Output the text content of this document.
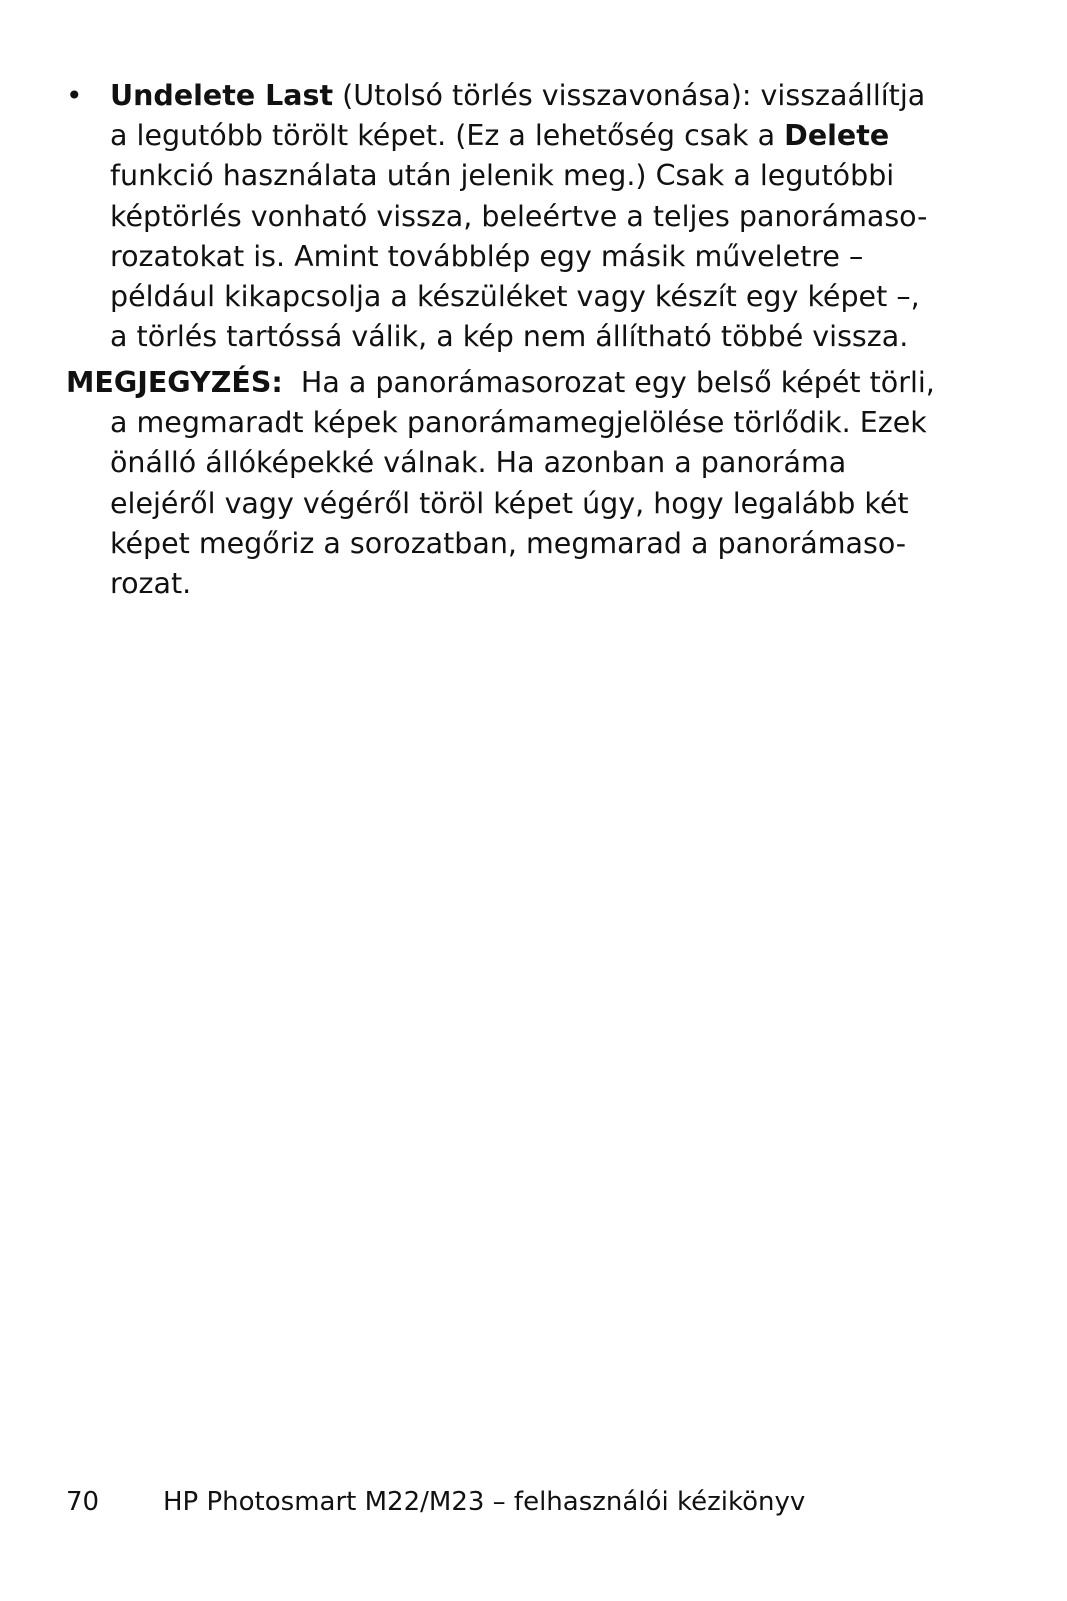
• Undelete Last (Utolsó törlés visszavonása): visszaállítja
a legutóbb törölt képet. (Ez a lehetőség csak a Delete
funkció használata után jelenik meg.) Csak a legutóbbi
képtörlés vonható vissza, beleértve a teljes panorámaso-
rozatokat is. Amint továbblép egy másik műveletre –
például kikapcsolja a készüléket vagy készít egy képet –,
a törlés tartóssá válik, a kép nem állítható többé vissza.
MEGJEGYZÉS:  Ha a panorámasorozat egy belső képét törli,
a megmaradt képek panorámamegjelölése törlődik. Ezek
önálló állóképekké válnak. Ha azonban a panoráma
elejéről vagy végéről töröl képet úgy, hogy legalább két
képet megőriz a sorozatban, megmarad a panorámaso-
rozat.
70 HP Photosmart M22/M23 – felhasználói kézikönyv
